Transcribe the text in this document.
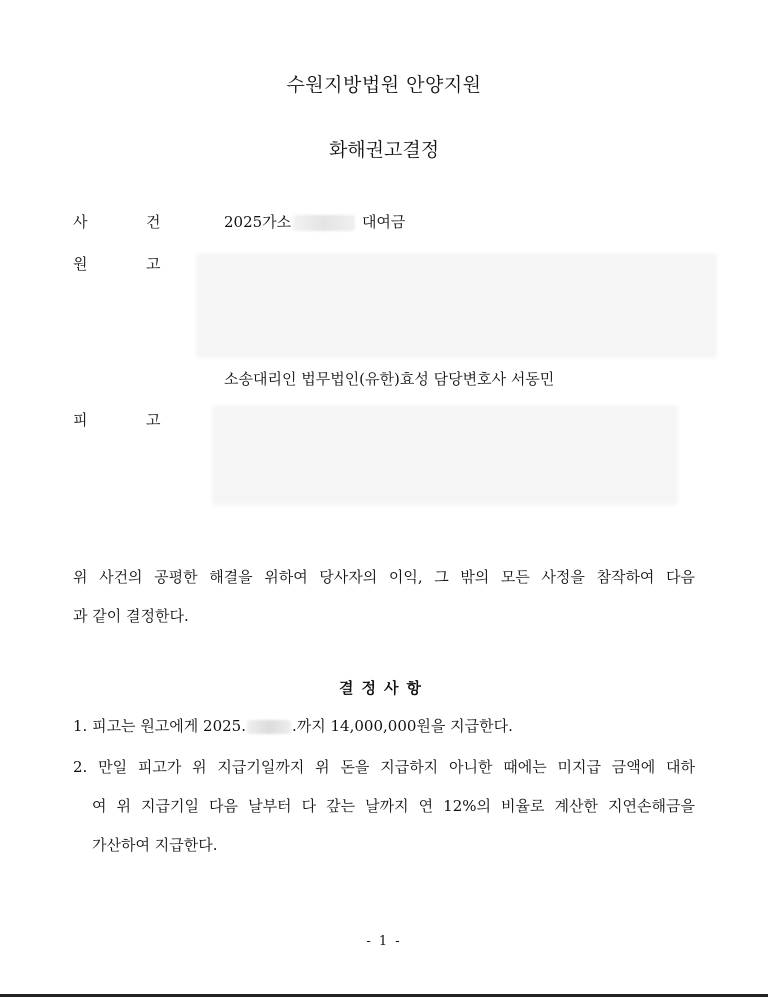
수원지방법원 안양지원
화해권고결정
사	건	2025가소	대여금
원	고
소송대리인 법무법인(유한)효성 담당변호사 서동민
피	고
위 사건의 공평한 해결을 위하여 당사자의 이익, 그 밖의 모든 사정을 참작하여 다음
과 같이 결정한다.
결정사항
1. 피고는 원고에게 2025.	.까지 14,000,000원을 지급한다.
2. 만일 피고가 위 지급기일까지 위 돈을 지급하지 아니한 때에는 미지급 금액에 대하
여 위 지급기일 다음 날부터 다 갚는 날까지 연 12%의 비율로 계산한 지연손해금을
가산하여 지급한다.
- 1 -
